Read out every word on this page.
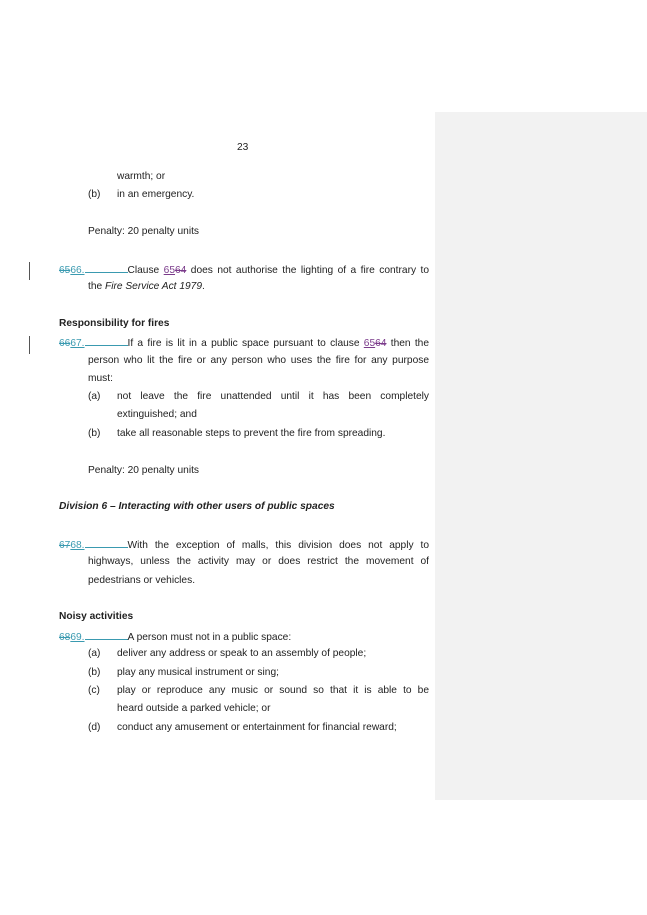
23
warmth; or
(b) in an emergency.
Penalty: 20 penalty units
6566.	Clause 6564 does not authorise the lighting of a fire contrary to
the Fire Service Act 1979.
Responsibility for fires
6667.	If a fire is lit in a public space pursuant to clause 6564 then the
person who lit the fire or any person who uses the fire for any purpose
must:
(a) not leave the fire unattended until it has been completely
extinguished; and
(b) take all reasonable steps to prevent the fire from spreading.
Penalty: 20 penalty units
Division 6 – Interacting with other users of public spaces
6768.	With the exception of malls, this division does not apply to
highways, unless the activity may or does restrict the movement of
pedestrians or vehicles.
Noisy activities
6869.	A person must not in a public space:
(a) deliver any address or speak to an assembly of people;
(b) play any musical instrument or sing;
(c) play or reproduce any music or sound so that it is able to be
heard outside a parked vehicle; or
(d) conduct any amusement or entertainment for financial reward;
